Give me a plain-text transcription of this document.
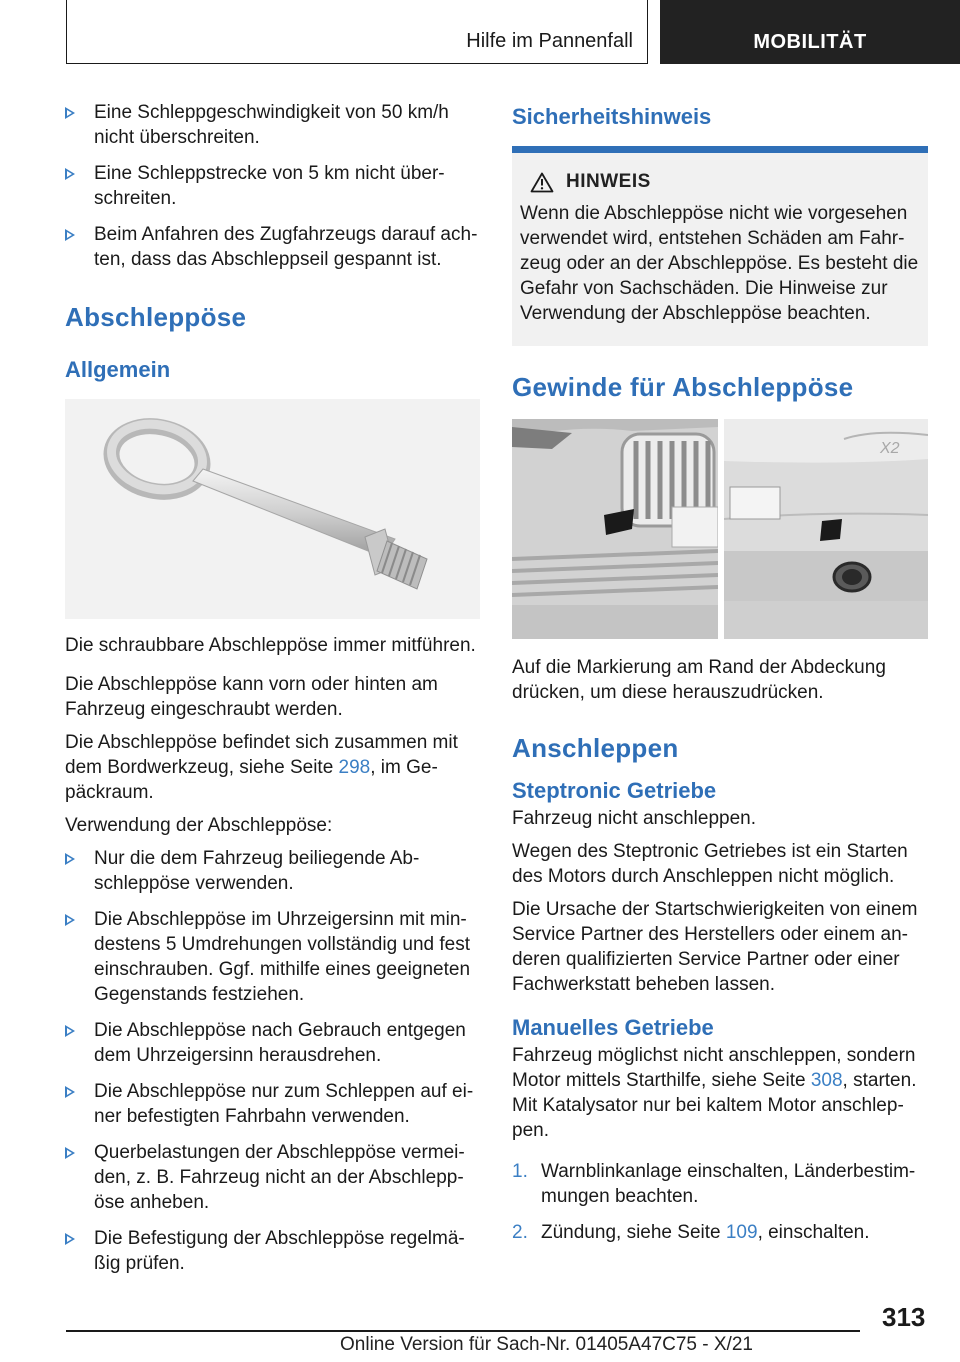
Hilfe im Pannenfall	MOBILITÄT
Eine Schleppgeschwindigkeit von 50 km/h nicht überschreiten.
Eine Schleppstrecke von 5 km nicht über‐schreiten.
Beim Anfahren des Zugfahrzeugs darauf ach‐ten, dass das Abschleppseil gespannt ist.
Abschleppöse
Allgemein

Die schraubbare Abschleppöse immer mitführen.

Die Abschleppöse kann vorn oder hinten am Fahrzeug eingeschraubt werden.

Die Abschleppöse befindet sich zusammen mit dem Bordwerkzeug, siehe Seite 298, im Ge‐päckraum.

Verwendung der Abschleppöse:

Nur die dem Fahrzeug beiliegende Ab‐schleppöse verwenden.
Die Abschleppöse im Uhrzeigersinn mit min‐destens 5 Umdrehungen vollständig und fest einschrauben. Ggf. mithilfe eines geeigneten Gegenstands festziehen.
Die Abschleppöse nach Gebrauch entgegen dem Uhrzeigersinn herausdrehen.
Die Abschleppöse nur zum Schleppen auf ei‐ner befestigten Fahrbahn verwenden.
Querbelastungen der Abschleppöse vermei‐den, z. B. Fahrzeug nicht an der Abschlepp‐öse anheben.
Die Befestigung der Abschleppöse regelmä‐ßig prüfen.
Sicherheitshinweis
HINWEIS

Wenn die Abschleppöse nicht wie vorgesehen verwendet wird, entstehen Schäden am Fahr‐zeug oder an der Abschleppöse. Es besteht die Gefahr von Sachschäden. Die Hinweise zur Verwendung der Abschleppöse beachten.

Gewinde für Abschleppöse
X2

Auf die Markierung am Rand der Abdeckung drücken, um diese herauszudrücken.

Anschleppen
Steptronic Getriebe

Fahrzeug nicht anschleppen.

Wegen des Steptronic Getriebes ist ein Starten des Motors durch Anschleppen nicht möglich.

Die Ursache der Startschwierigkeiten von einem Service Partner des Herstellers oder einem an‐deren qualifizierten Service Partner oder einer Fachwerkstatt beheben lassen.

Manuelles Getriebe

Fahrzeug möglichst nicht anschleppen, sondern Motor mittels Starthilfe, siehe Seite 308, starten. Mit Katalysator nur bei kaltem Motor anschlep‐pen.

1. Warnblinkanlage einschalten, Länderbestim‐mungen beachten.
2. Zündung, siehe Seite 109, einschalten.
313
Online Version für Sach-Nr. 01405A47C75 - X/21
